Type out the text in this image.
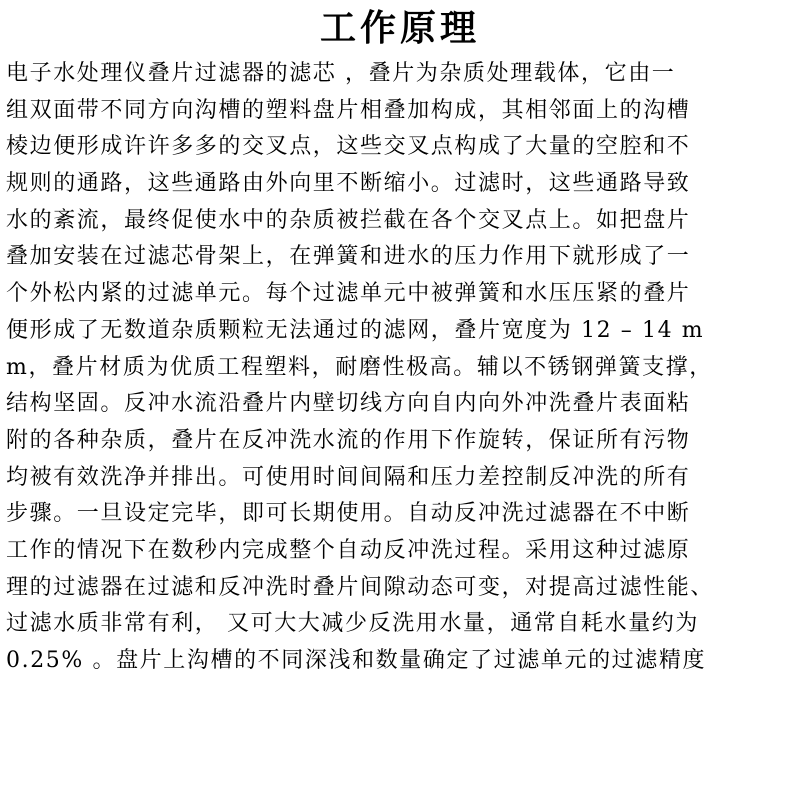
工作原理
电子水处理仪叠片过滤器的滤芯 ，叠片为杂质处理载体，它由一
组双面带不同方向沟槽的塑料盘片相叠加构成，其相邻面上的沟槽
棱边便形成许许多多的交叉点，这些交叉点构成了大量的空腔和不
规则的通路，这些通路由外向里不断缩小。过滤时，这些通路导致
水的紊流，最终促使水中的杂质被拦截在各个交叉点上。如把盘片
叠加安装在过滤芯骨架上，在弹簧和进水的压力作用下就形成了一
个外松内紧的过滤单元。每个过滤单元中被弹簧和水压压紧的叠片
便形成了无数道杂质颗粒无法通过的滤网，叠片宽度为 12 – 14 m
m，叠片材质为优质工程塑料，耐磨性极高。辅以不锈钢弹簧支撑，
结构坚固。反冲水流沿叠片内壁切线方向自内向外冲洗叠片表面粘
附的各种杂质，叠片在反冲洗水流的作用下作旋转，保证所有污物
均被有效洗净并排出。可使用时间间隔和压力差控制反冲洗的所有
步骤。一旦设定完毕，即可长期使用。自动反冲洗过滤器在不中断
工作的情况下在数秒内完成整个自动反冲洗过程。采用这种过滤原
理的过滤器在过滤和反冲洗时叠片间隙动态可变，对提高过滤性能、
过滤水质非常有利， 又可大大减少反洗用水量，通常自耗水量约为
0.25% 。盘片上沟槽的不同深浅和数量确定了过滤单元的过滤精度
